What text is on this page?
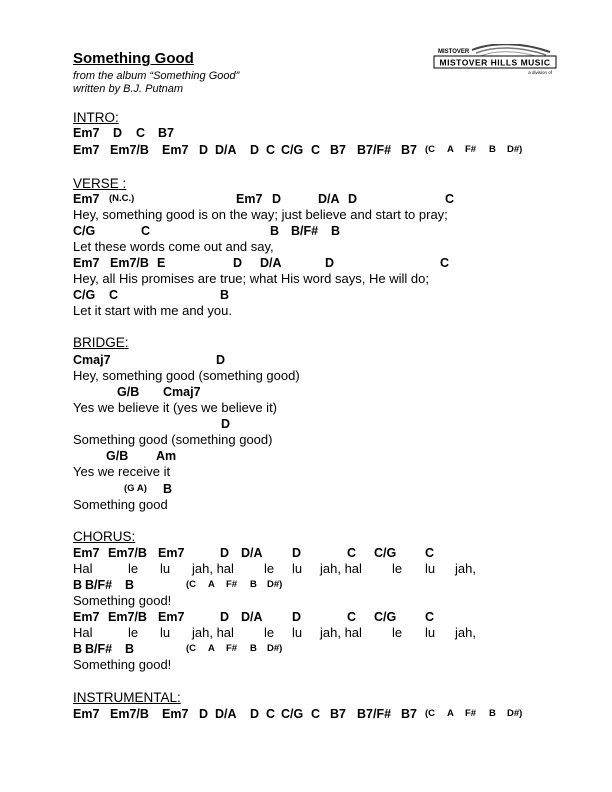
Something Good
from the album “Something Good”
written by B.J. Putnam
MISTOVER
MISTOVER HILLS MUSIC
a division of
INTRO:
Em7 D C B7
Em7 Em7/B Em7 D D/A D C C/G C B7 B7/F# B7 (C A F# B D#)
VERSE :
Em7 (N.C.)	Em7 D	D/A D	C
Hey, something good is on the way; just believe and start to pray;
C/G	C	B B/F# B
Let these words come out and say,
Em7 Em7/B E	D D/A	D	C
Hey, all His promises are true; what His word says, He will do;
C/G C	B
Let it start with me and you.
BRIDGE:
Cmaj7	D
Hey, something good (something good)
G/B Cmaj7
Yes we believe it (yes we believe it)
D
Something good (something good)
G/B Am
Yes we receive it
(G A) B
Something good
CHORUS:
Em7 Em7/B Em7	D D/A D	C C/G C
Hal	le lu jah, hal le lu jah, hal le lu jah,
B B/F# B	(C A F# B D#)
Something good!
Em7 Em7/B Em7	D D/A D	C C/G C
Hal	le lu jah, hal le lu jah, hal le lu jah,
B B/F# B	(C A F# B D#)
Something good!
INSTRUMENTAL:
Em7 Em7/B Em7 D D/A D C C/G C B7 B7/F# B7 (C A F# B D#)
